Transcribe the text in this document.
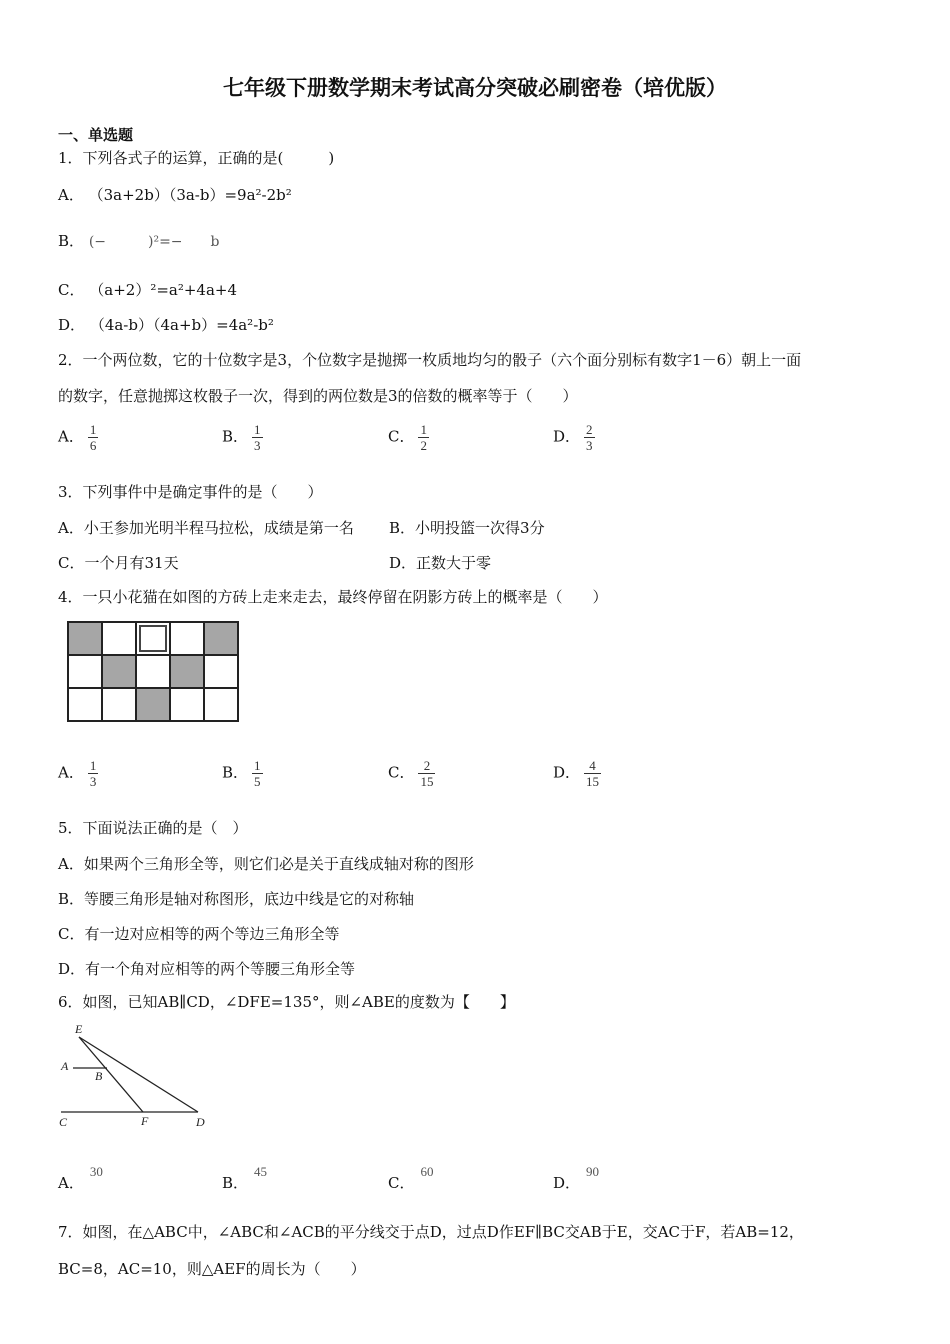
七年级下册数学期末考试高分突破必刷密卷（培优版）
一、单选题
1．下列各式子的运算，正确的是(　　　)
A． （3a+2b）（3a-b）=9a²-2b²
B． (−　　　)²=−　　b
C． （a+2）²=a²+4a+4
D． （4a-b）（4a+b）=4a²-b²
2．一个两位数，它的十位数字是3，个位数字是抛掷一枚质地均匀的骰子（六个面分别标有数字1－6）朝上一面
的数字，任意抛掷这枚骰子一次，得到的两位数是3的倍数的概率等于（　　）
A． $\frac{1}{6}$	B． $\frac{1}{3}$	C． $\frac{1}{2}$	D． $\frac{2}{3}$
3．下列事件中是确定事件的是（　　）
A．小王参加光明半程马拉松，成绩是第一名 B．小明投篮一次得3分
C．一个月有31天	D．正数大于零
4．一只小花猫在如图的方砖上走来走去，最终停留在阴影方砖上的概率是（　　）

A． $\frac{1}{3}$	B． $\frac{1}{5}$	C． $\frac{2}{15}$	D． $\frac{4}{15}$
5．下面说法正确的是（　）
A．如果两个三角形全等，则它们必是关于直线成轴对称的图形
B．等腰三角形是轴对称图形，底边中线是它的对称轴
C．有一边对应相等的两个等边三角形全等
D．有一个角对应相等的两个等腰三角形全等
6．如图，已知AB∥CD，∠DFE=135°，则∠ABE的度数为【　　】
E
A
B
C	F	D
A．30
B．45
C．60
D．90
7．如图，在△ABC中，∠ABC和∠ACB的平分线交于点D，过点D作EF∥BC交AB于E，交AC于F，若AB=12，
BC=8，AC=10，则△AEF的周长为（　　）
